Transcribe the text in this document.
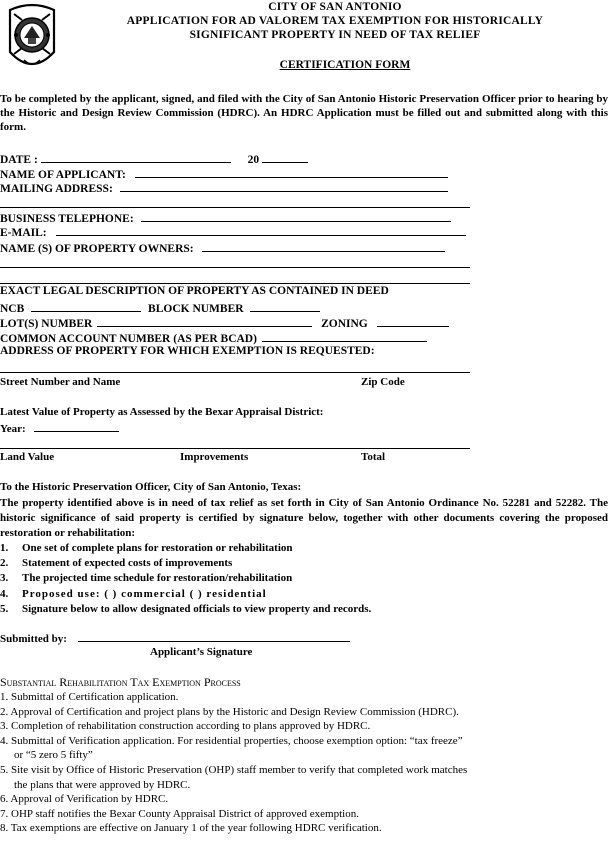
CITY OF SAN ANTONIO
APPLICATION FOR AD VALOREM TAX EXEMPTION FOR HISTORICALLY
SIGNIFICANT PROPERTY IN NEED OF TAX RELIEF
CERTIFICATION FORM
To be completed by the applicant, signed, and filed with the City of San Antonio Historic Preservation Officer prior to hearing by the Historic and Design Review Commission (HDRC). An HDRC Application must be filled out and submitted along with this form.
DATE :	20
NAME OF APPLICANT:
MAILING ADDRESS:
BUSINESS TELEPHONE:
E-MAIL:
NAME (S) OF PROPERTY OWNERS:
EXACT LEGAL DESCRIPTION OF PROPERTY AS CONTAINED IN DEED
NCB	BLOCK NUMBER
LOT(S) NUMBER	ZONING
COMMON ACCOUNT NUMBER (AS PER BCAD)
ADDRESS OF PROPERTY FOR WHICH EXEMPTION IS REQUESTED:
Street Number and Name	Zip Code
Latest Value of Property as Assessed by the Bexar Appraisal District:
Year:
Land Value	Improvements	Total
To the Historic Preservation Officer, City of San Antonio, Texas:
The property identified above is in need of tax relief as set forth in City of San Antonio Ordinance No. 52281 and 52282. The historic significance of said property is certified by signature below, together with other documents covering the proposed restoration or rehabilitation:
1. One set of complete plans for restoration or rehabilitation
2. Statement of expected costs of improvements
3. The projected time schedule for restoration/rehabilitation
4. Proposed use: ( ) commercial ( ) residential
5. Signature below to allow designated officials to view property and records.
Submitted by:
Applicant’s Signature
Substantial Rehabilitation Tax Exemption Process
1. Submittal of Certification application.
2. Approval of Certification and project plans by the Historic and Design Review Commission (HDRC).
3. Completion of rehabilitation construction according to plans approved by HDRC.
4. Submittal of Verification application. For residential properties, choose exemption option: “tax freeze” or “5 zero 5 fifty”
5. Site visit by Office of Historic Preservation (OHP) staff member to verify that completed work matches the plans that were approved by HDRC.
6. Approval of Verification by HDRC.
7. OHP staff notifies the Bexar County Appraisal District of approved exemption.
8. Tax exemptions are effective on January 1 of the year following HDRC verification.
